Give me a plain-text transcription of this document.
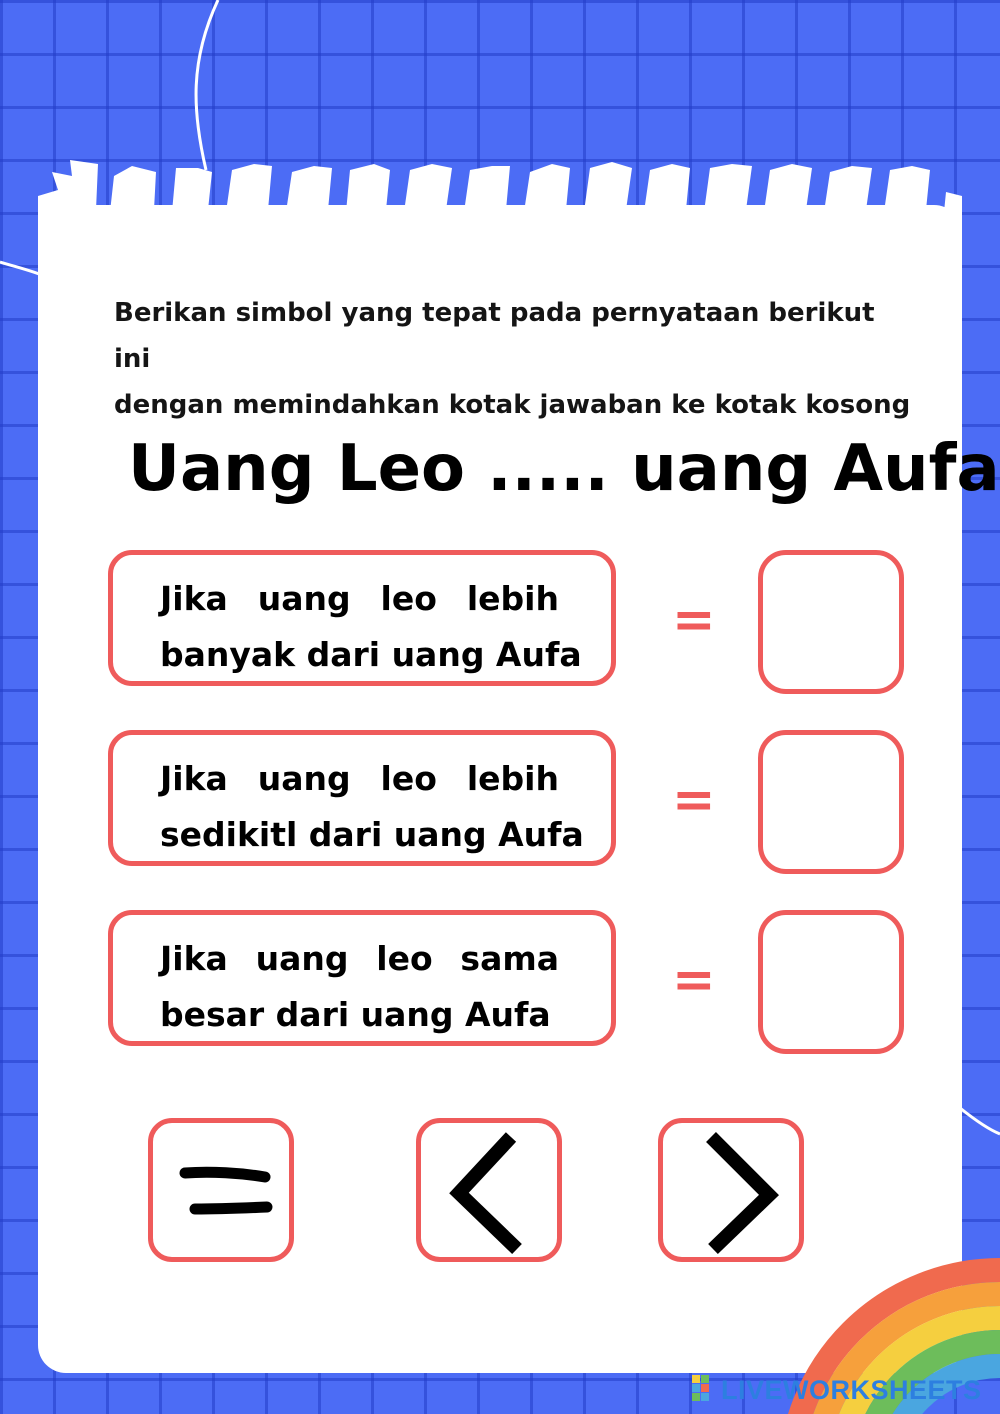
Berikan simbol yang tepat pada pernyataan berikut ini
dengan memindahkan kotak jawaban ke kotak kosong

Uang Leo ..... uang Aufa
Jika uang leo lebih
banyak dari uang Aufa
=
Jika uang leo lebih
sedikitl dari uang Aufa
=
Jika uang leo sama
besar dari uang Aufa
=
LIVEWORKSHEETS
